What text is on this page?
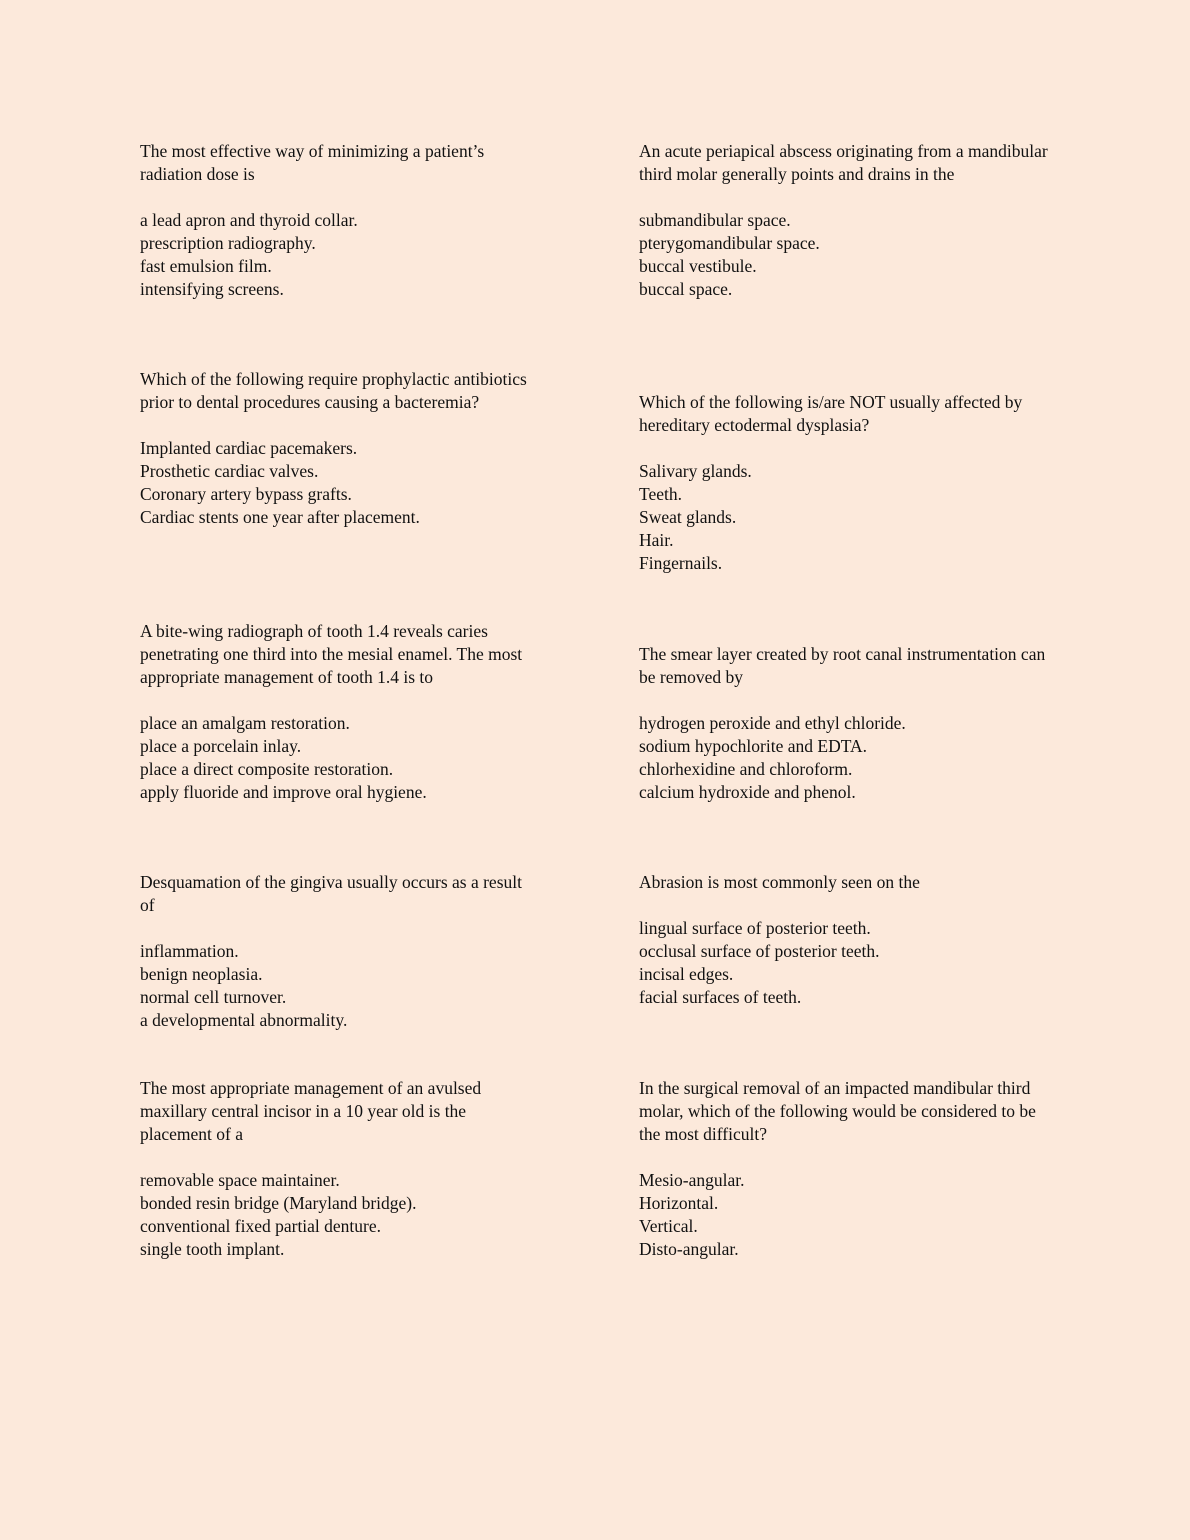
The most effective way of minimizing a patient’s radiation dose is

a lead apron and thyroid collar.

prescription radiography.

fast emulsion film.

intensifying screens.

An acute periapical abscess originating from a mandibular third molar generally points and drains in the

submandibular space.

pterygomandibular space.

buccal vestibule.

buccal space.

Which of the following require prophylactic antibiotics prior to dental procedures causing a bacteremia?

Implanted cardiac pacemakers.

Prosthetic cardiac valves.

Coronary artery bypass grafts.

Cardiac stents one year after placement.

Which of the following is/are NOT usually affected by hereditary ectodermal dysplasia?

Salivary glands.

Teeth.

Sweat glands.

Hair.

Fingernails.

A bite-wing radiograph of tooth 1.4 reveals caries penetrating one third into the mesial enamel. The most appropriate management of tooth 1.4 is to

place an amalgam restoration.

place a porcelain inlay.

place a direct composite restoration.

apply fluoride and improve oral hygiene.

The smear layer created by root canal instrumentation can be removed by

hydrogen peroxide and ethyl chloride.

sodium hypochlorite and EDTA.

chlorhexidine and chloroform.

calcium hydroxide and phenol.

Desquamation of the gingiva usually occurs as a result of

inflammation.

benign neoplasia.

normal cell turnover.

a developmental abnormality.

Abrasion is most commonly seen on the

lingual surface of posterior teeth.

occlusal surface of posterior teeth.

incisal edges.

facial surfaces of teeth.

The most appropriate management of an avulsed maxillary central incisor in a 10 year old is the placement of a

removable space maintainer.

bonded resin bridge (Maryland bridge).

conventional fixed partial denture.

single tooth implant.

In the surgical removal of an impacted mandibular third molar, which of the following would be considered to be the most difficult?

Mesio-angular.

Horizontal.

Vertical.

Disto-angular.
